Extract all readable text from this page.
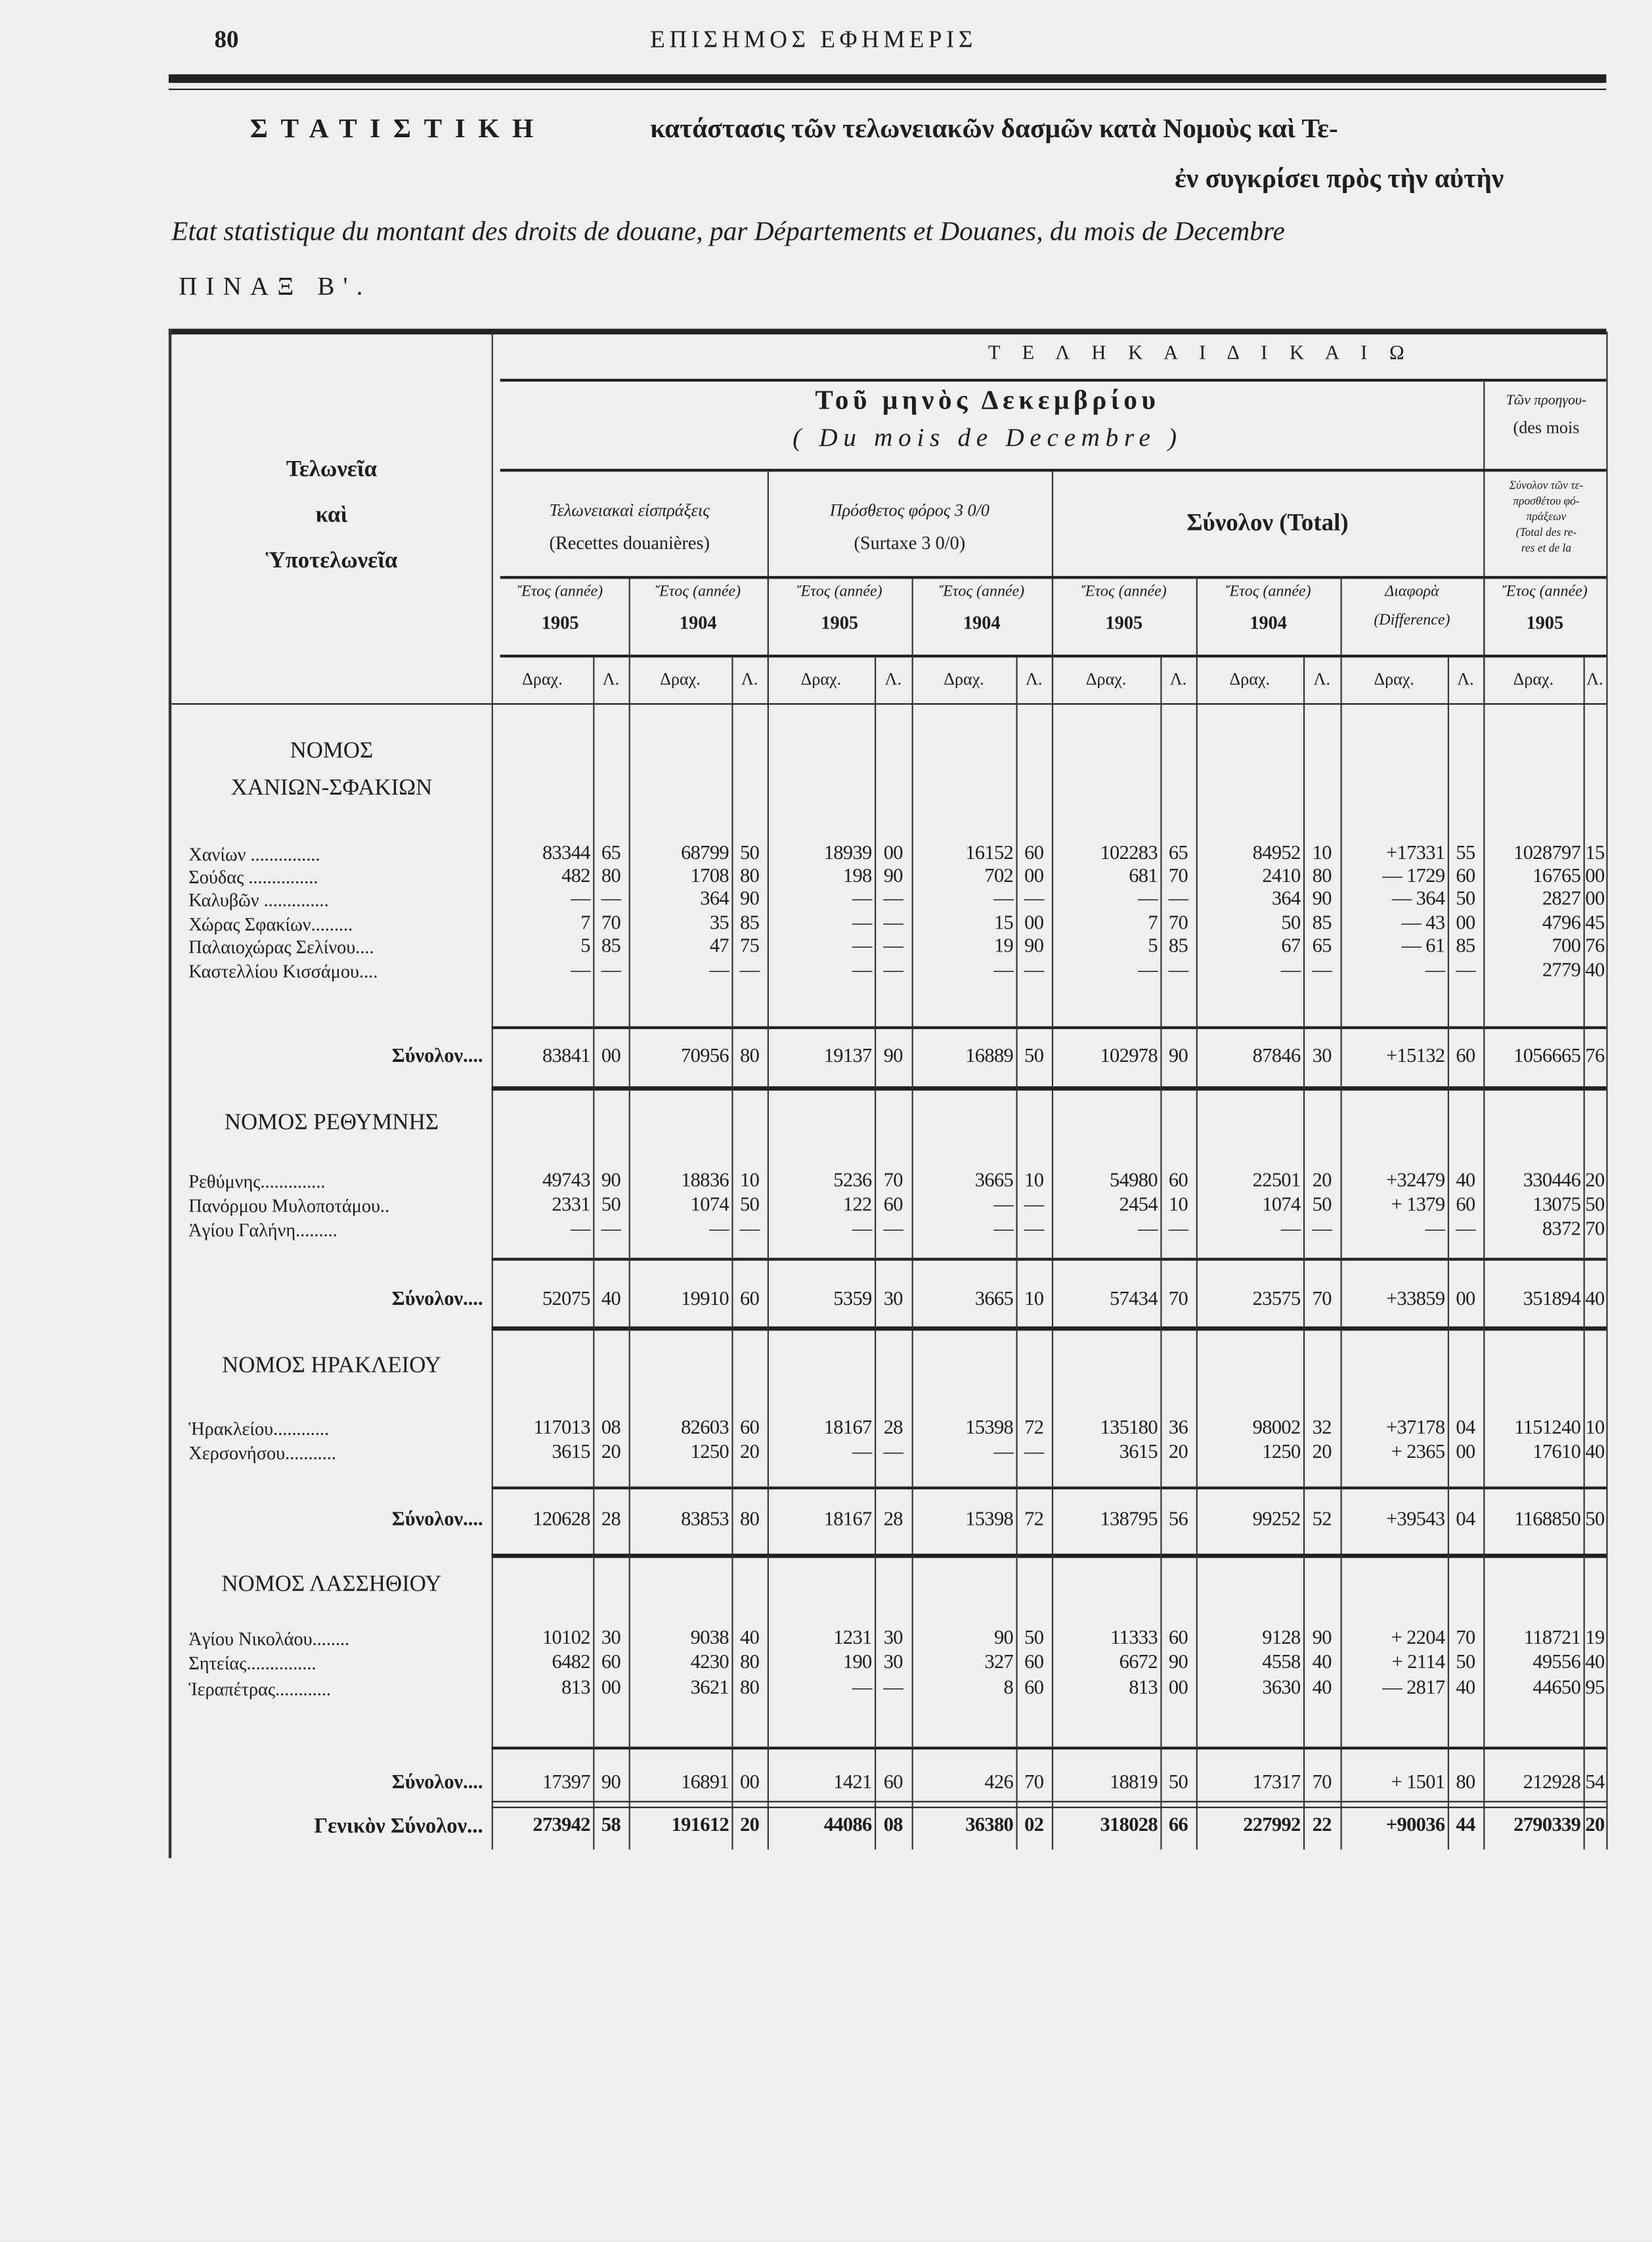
80	ΕΠΙΣΗΜΟΣ ΕΦΗΜΕΡΙΣ
ΣΤΑΤΙΣΤΙΚΗ	κατάστασις τῶν τελωνειακῶν δασμῶν κατὰ Νομοὺς καὶ Τε-
ἐν συγκρίσει πρὸς τὴν αὐτὴν
Etat statistique du montant des droits de douane, par Départements et Douanes, du mois de Decembre
ΠΙΝΑΞ Β'.
Τελωνεῖα
καὶ
Ὑποτελωνεῖα
Τ Ε Λ Η Κ Α Ι Δ Ι Κ Α Ι Ω
Τοῦ μηνὸς Δεκεμβρίου
( Du mois de Decembre )
Τῶν προηγου-
(des mois
Τελωνειακαὶ εἰσπράξεις
(Recettes douanières)
Πρόσθετος φόρος 3 0/0
(Surtaxe 3 0/0)
Σύνολον (Total)
Σύνολον τῶν τε-
προσθέτου φό-
πράξεων
(Total des re-
res et de la
Ἔτος (année)
1905
Ἔτος (année)
1904
Ἔτος (année)
1905
Ἔτος (année)
1904
Ἔτος (année)
1905
Ἔτος (année)
1904
Διαφορὰ
(Difference)
Ἔτος (année)
1905
Δραχ.	Λ.	Δραχ.	Λ.	Δραχ.	Λ.	Δραχ.	Λ.	Δραχ.	Λ.	Δραχ.	Λ.	Δραχ.	Λ.	Δραχ.	Λ.
ΝΟΜΟΣ
ΧΑΝΙΩΝ-ΣΦΑΚΙΩΝ
Χανίων ...............	83344	65	68799	50	18939	00	16152	60	102283	65	84952	10	+17331	55	1028797 15
Σούδας ...............	482	80	1708	80	198	90	702	00	681	70	2410	80	— 1729	60	16765 00
Καλυβῶν ..............	—	—	364	90	—	—	—	—	—	—	364	90	— 364	50	2827 00
Χώρας Σφακίων.........	7	70	35	85	—	—	15	00	7	70	50	85	— 43	00	4796 45
Παλαιοχώρας Σελίνου....	5	85	47	75	—	—	19	90	5	85	67	65	— 61	85	700 76
Καστελλίου Κισσάμου....	—	—	—	—	—	—	—	—	—	—	—	—	—	—	2779 40
Σύνολον....	83841	00	70956	80	19137	90	16889	50	102978	90	87846	30	+15132	60	1056665 76
ΝΟΜΟΣ ΡΕΘΥΜΝΗΣ
Ρεθύμνης..............	49743	90	18836	10	5236	70	3665	10	54980	60	22501	20	+32479	40	330446 20
Πανόρμου Μυλοποτάμου..	2331	50	1074	50	122	60	—	—	2454	10	1074	50	+ 1379	60	13075 50
Ἁγίου Γαλήνη.........	—	—	—	—	—	—	—	—	—	—	—	—	—	—	8372 70
Σύνολον....	52075	40	19910	60	5359	30	3665	10	57434	70	23575	70	+33859	00	351894 40
ΝΟΜΟΣ ΗΡΑΚΛΕΙΟΥ
Ἡρακλείου............	117013	08	82603	60	18167	28	15398	72	135180	36	98002	32	+37178	04	1151240 10
Χερσονήσου...........	3615	20	1250	20	—	—	—	—	3615	20	1250	20	+ 2365	00	17610 40
Σύνολον....	120628	28	83853	80	18167	28	15398	72	138795	56	99252	52	+39543	04	1168850 50
ΝΟΜΟΣ ΛΑΣΣΗΘΙΟΥ
Ἁγίου Νικολάου........	10102	30	9038	40	1231	30	90	50	11333	60	9128	90	+ 2204	70	118721 19
Σητείας...............	6482	60	4230	80	190	30	327	60	6672	90	4558	40	+ 2114	50	49556 40
Ἱεραπέτρας............	813	00	3621	80	—	—	8	60	813	00	3630	40	— 2817	40	44650 95
Σύνολον....	17397	90	16891	00	1421	60	426	70	18819	50	17317	70	+ 1501	80	212928 54
Γενικὸν Σύνολον...	273942	58	191612	20	44086	08	36380	02	318028	66	227992	22	+90036	44	2790339 20
